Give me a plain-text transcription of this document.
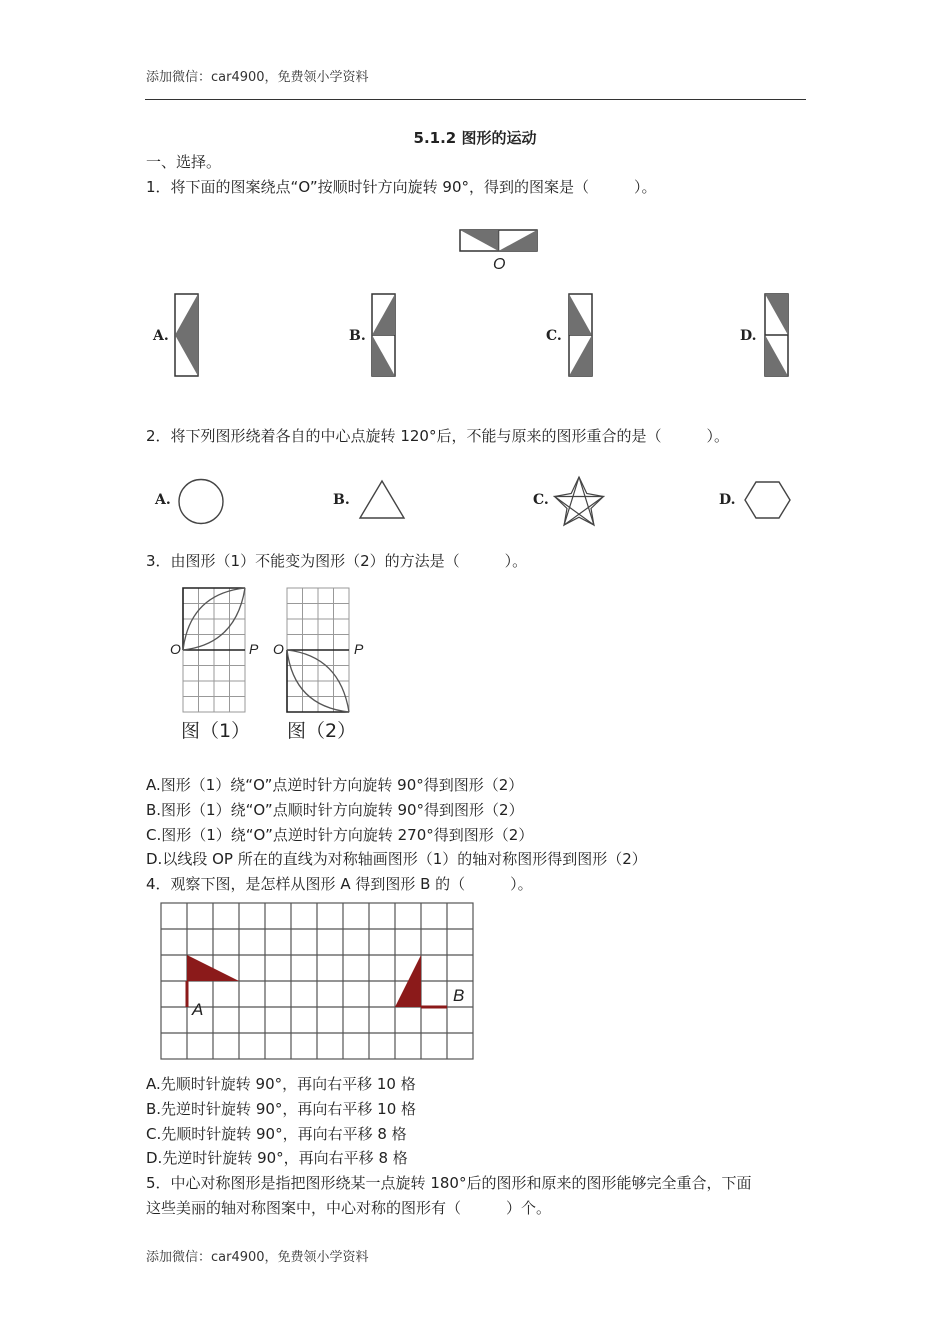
添加微信：car4900，免费领小学资料
5.1.2 图形的运动
一、选择。
1．将下面的图案绕点“O”按顺时针方向旋转 90°，得到的图案是（　　　）。
O
A.	B.	C.	D.
2．将下列图形绕着各自的中心点旋转 120°后，不能与原来的图形重合的是（　　　）。
A.	B.	C.	D.
3．由图形（1）不能变为图形（2）的方法是（　　　）。
O	P O	P
图（1） 图（2）
A.图形（1）绕“O”点逆时针方向旋转 90°得到图形（2）
B.图形（1）绕“O”点顺时针方向旋转 90°得到图形（2）
C.图形（1）绕“O”点逆时针方向旋转 270°得到图形（2）
D.以线段 OP 所在的直线为对称轴画图形（1）的轴对称图形得到图形（2）
4．观察下图，是怎样从图形 A 得到图形 B 的（　　　）。
A
B
A.先顺时针旋转 90°，再向右平移 10 格
B.先逆时针旋转 90°，再向右平移 10 格
C.先顺时针旋转 90°，再向右平移 8 格
D.先逆时针旋转 90°，再向右平移 8 格
5．中心对称图形是指把图形绕某一点旋转 180°后的图形和原来的图形能够完全重合，下面
这些美丽的轴对称图案中，中心对称的图形有（　　　）个。
添加微信：car4900，免费领小学资料
